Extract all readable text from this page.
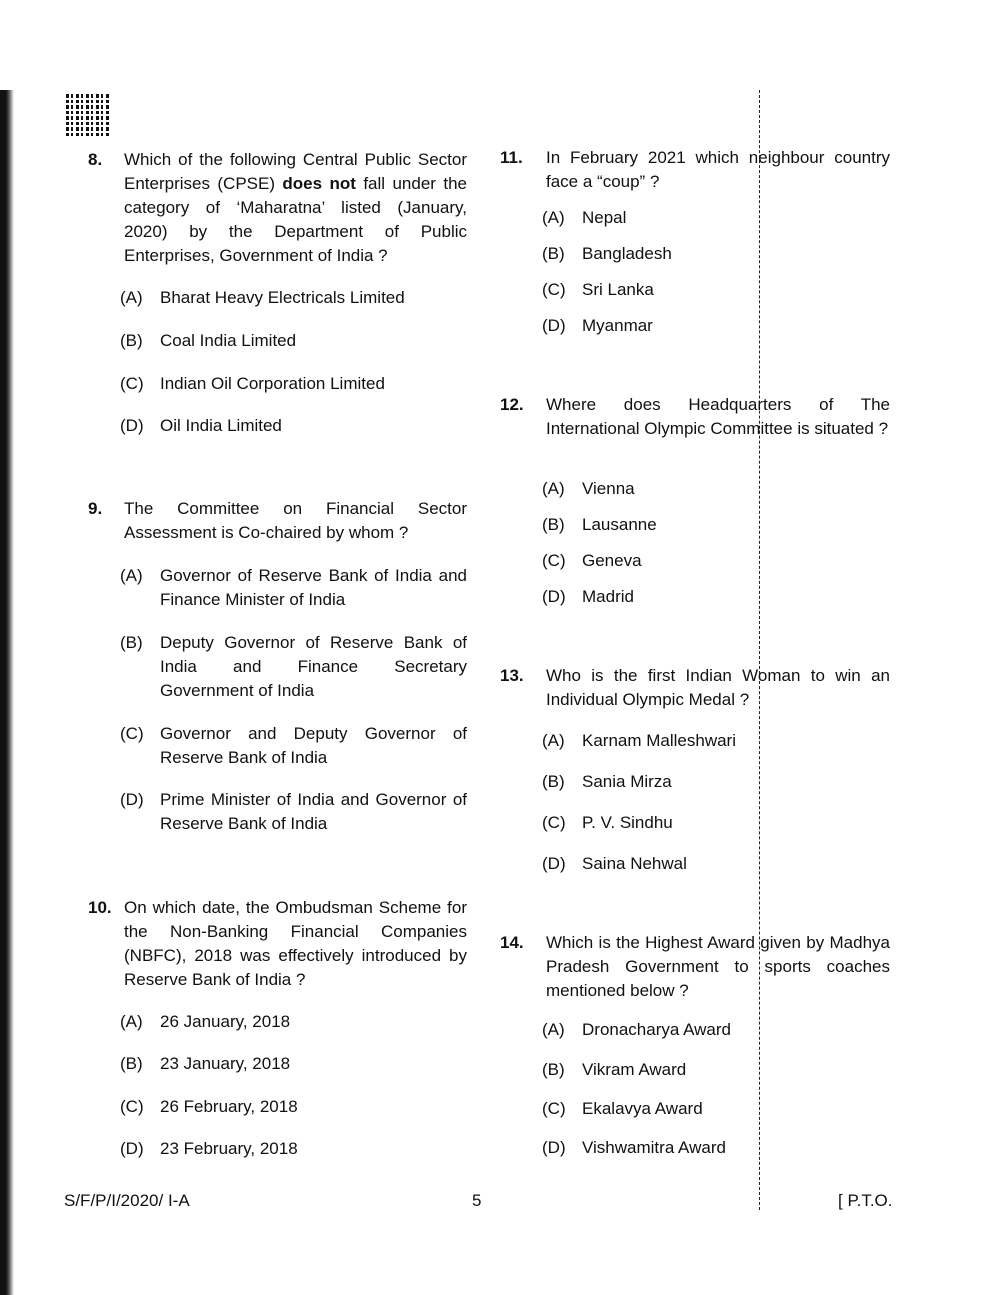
8. Which of the following Central Public Sector Enterprises (CPSE) does not fall under the category of ‘Maharatna’ listed (January, 2020) by the Department of Public Enterprises, Government of India ?
(A) Bharat Heavy Electricals Limited
(B) Coal India Limited
(C) Indian Oil Corporation Limited
(D) Oil India Limited
9. The Committee on Financial Sector Assessment is Co-chaired by whom ?
(A) Governor of Reserve Bank of India and Finance Minister of India
(B) Deputy Governor of Reserve Bank of India and Finance Secretary Government of India
(C) Governor and Deputy Governor of Reserve Bank of India
(D) Prime Minister of India and Governor of Reserve Bank of India
10. On which date, the Ombudsman Scheme for the Non-Banking Financial Companies (NBFC), 2018 was effectively introduced by Reserve Bank of India ?
(A) 26 January, 2018
(B) 23 January, 2018
(C) 26 February, 2018
(D) 23 February, 2018
11. In February 2021 which neighbour country face a “coup” ?
(A) Nepal
(B) Bangladesh
(C) Sri Lanka
(D) Myanmar
12. Where does Headquarters of The International Olympic Committee is situated ?
(A) Vienna
(B) Lausanne
(C) Geneva
(D) Madrid
13. Who is the first Indian Woman to win an Individual Olympic Medal ?
(A) Karnam Malleshwari
(B) Sania Mirza
(C) P. V. Sindhu
(D) Saina Nehwal
14. Which is the Highest Award given by Madhya Pradesh Government to sports coaches mentioned below ?
(A) Dronacharya Award
(B) Vikram Award
(C) Ekalavya Award
(D) Vishwamitra Award
S/F/P/I/2020/ I-A	5	[ P.T.O.
